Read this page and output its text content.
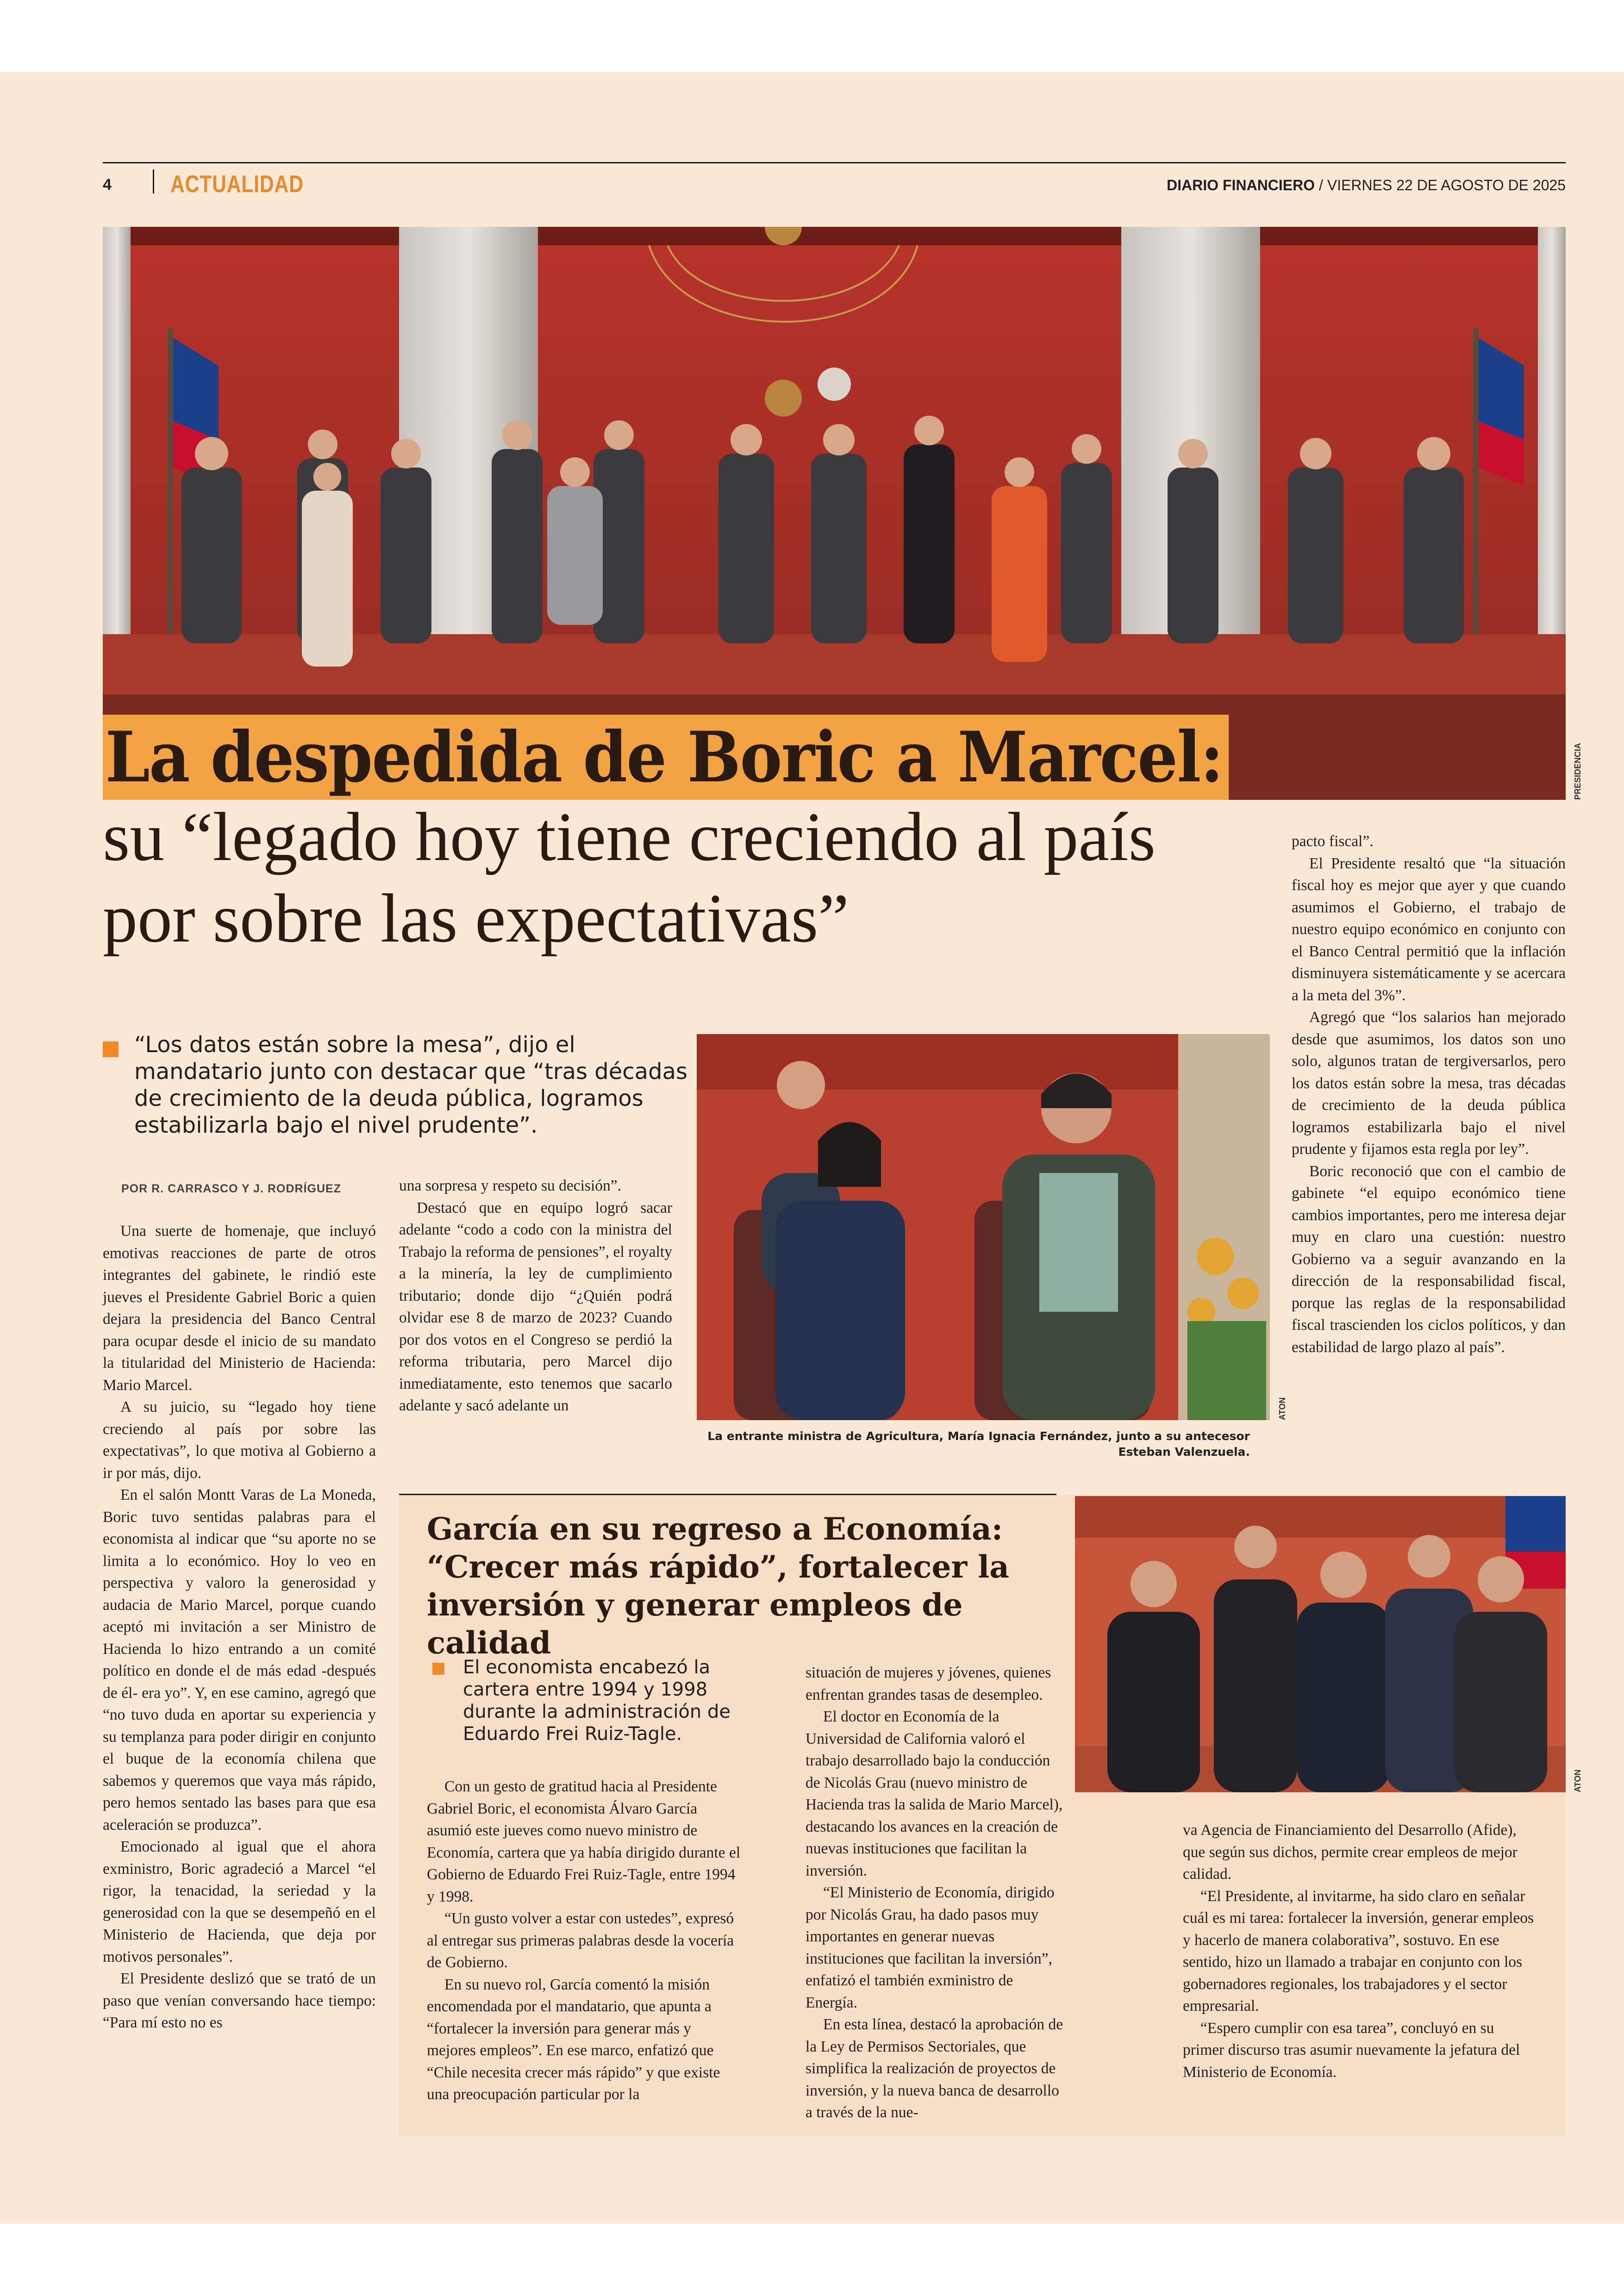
4 ACTUALIDAD	DIARIO FINANCIERO / VIERNES 22 DE AGOSTO DE 2025
PRESIDENCIA
La despedida de Boric a Marcel:
su “legado hoy tiene creciendo al país por sobre las expectativas”
“Los datos están sobre la mesa”, dijo el mandatario junto con destacar que “tras décadas de crecimiento de la deuda pública, logramos estabilizarla bajo el nivel prudente”.
POR R. CARRASCO Y J. RODRÍGUEZ

Una suerte de homenaje, que incluyó emotivas reacciones de parte de otros integrantes del gabinete, le rindió este jueves el Presidente Gabriel Boric a quien dejara la presidencia del Banco Central para ocupar desde el inicio de su mandato la titularidad del Ministerio de Hacienda: Mario Marcel.

A su juicio, su “legado hoy tiene creciendo al país por sobre las expectativas”, lo que motiva al Gobierno a ir por más, dijo.

En el salón Montt Varas de La Moneda, Boric tuvo sentidas palabras para el economista al indicar que “su aporte no se limita a lo económico. Hoy lo veo en perspectiva y valoro la generosidad y audacia de Mario Marcel, porque cuando aceptó mi invitación a ser Ministro de Hacienda lo hizo entrando a un comité político en donde el de más edad -después de él- era yo”. Y, en ese camino, agregó que “no tuvo duda en aportar su experiencia y su templanza para poder dirigir en conjunto el buque de la economía chilena que sabemos y queremos que vaya más rápido, pero hemos sentado las bases para que esa aceleración se produzca”.

Emocionado al igual que el ahora exministro, Boric agradeció a Marcel “el rigor, la tenacidad, la seriedad y la generosidad con la que se desempeñó en el Ministerio de Hacienda, que deja por motivos personales”.

El Presidente deslizó que se trató de un paso que venían conversando hace tiempo: “Para mí esto no es

una sorpresa y respeto su decisión”.

Destacó que en equipo logró sacar adelante “codo a codo con la ministra del Trabajo la reforma de pensiones”, el royalty a la minería, la ley de cumplimiento tributario; donde dijo “¿Quién podrá olvidar ese 8 de marzo de 2023? Cuando por dos votos en el Congreso se perdió la reforma tributaria, pero Marcel dijo inmediatamente, esto tenemos que sacarlo adelante y sacó adelante un	ATON
La entrante ministra de Agricultura, María Ignacia Fernández, junto a su antecesor Esteban Valenzuela.

pacto fiscal”.

El Presidente resaltó que “la situación fiscal hoy es mejor que ayer y que cuando asumimos el Gobierno, el trabajo de nuestro equipo económico en conjunto con el Banco Central permitió que la inflación disminuyera sistemáticamente y se acercara a la meta del 3%”.

Agregó que “los salarios han mejorado desde que asumimos, los datos son uno solo, algunos tratan de tergiversarlos, pero los datos están sobre la mesa, tras décadas de crecimiento de la deuda pública logramos estabilizarla bajo el nivel prudente y fijamos esta regla por ley”.

Boric reconoció que con el cambio de gabinete “el equipo económico tiene cambios importantes, pero me interesa dejar muy en claro una cuestión: nuestro Gobierno va a seguir avanzando en la dirección de la responsabilidad fiscal, porque las reglas de la responsabilidad fiscal trascienden los ciclos políticos, y dan estabilidad de largo plazo al país”.

García en su regreso a Economía: “Crecer más rápido”, fortalecer la inversión y generar empleos de calidad
El economista encabezó la cartera entre 1994 y 1998 durante la administración de Eduardo Frei Ruiz-Tagle.
ATON

Con un gesto de gratitud hacia al Presidente Gabriel Boric, el economista Álvaro García asumió este jueves como nuevo ministro de Economía, cartera que ya había dirigido durante el Gobierno de Eduardo Frei Ruiz-Tagle, entre 1994 y 1998.

“Un gusto volver a estar con ustedes”, expresó al entregar sus primeras palabras desde la vocería de Gobierno.

En su nuevo rol, García comentó la misión encomendada por el mandatario, que apunta a “fortalecer la inversión para generar más y mejores empleos”. En ese marco, enfatizó que “Chile necesita crecer más rápido” y que existe una preocupación particular por la

situación de mujeres y jóvenes, quienes enfrentan grandes tasas de desempleo.

El doctor en Economía de la Universidad de California valoró el trabajo desarrollado bajo la conducción de Nicolás Grau (nuevo ministro de Hacienda tras la salida de Mario Marcel), destacando los avances en la creación de nuevas instituciones que facilitan la inversión.

“El Ministerio de Economía, dirigido por Nicolás Grau, ha dado pasos muy importantes en generar nuevas instituciones que facilitan la inversión”, enfatizó el también exministro de Energía.

En esta línea, destacó la aprobación de la Ley de Permisos Sectoriales, que simplifica la realización de proyectos de inversión, y la nueva banca de desarrollo a través de la nue-

va Agencia de Financiamiento del Desarrollo (Afide), que según sus dichos, permite crear empleos de mejor calidad.

“El Presidente, al invitarme, ha sido claro en señalar cuál es mi tarea: fortalecer la inversión, generar empleos y hacerlo de manera colaborativa”, sostuvo. En ese sentido, hizo un llamado a trabajar en conjunto con los gobernadores regionales, los trabajadores y el sector empresarial.

“Espero cumplir con esa tarea”, concluyó en su primer discurso tras asumir nuevamente la jefatura del Ministerio de Economía.
